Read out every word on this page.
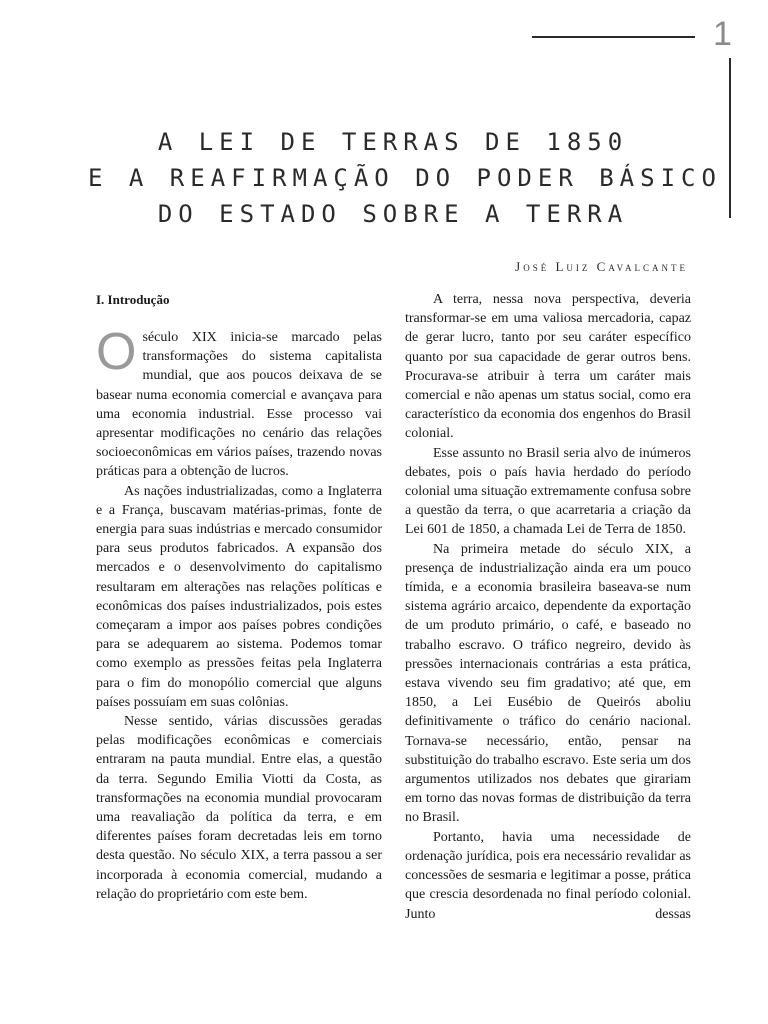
1
A LEI DE TERRAS DE 1850
E A REAFIRMAÇÃO DO PODER BÁSICO
DO ESTADO SOBRE A TERRA
José Luiz Cavalcante
I. Introdução

O século XIX inicia-se marcado pelas transformações do sistema capitalista mundial, que aos poucos deixava de se basear numa economia comercial e avançava para uma economia industrial. Esse processo vai apresentar modificações no cenário das relações socioeconômicas em vários países, trazendo novas práticas para a obtenção de lucros.

As nações industrializadas, como a Inglaterra e a França, buscavam matérias-primas, fonte de energia para suas indústrias e mercado consumidor para seus produtos fabricados. A expansão dos mercados e o desenvolvimento do capitalismo resultaram em alterações nas relações políticas e econômicas dos países industrializados, pois estes começaram a impor aos países pobres condições para se adequarem ao sistema. Podemos tomar como exemplo as pressões feitas pela Inglaterra para o fim do monopólio comercial que alguns países possuíam em suas colônias.

Nesse sentido, várias discussões geradas pelas modificações econômicas e comerciais entraram na pauta mundial. Entre elas, a questão da terra. Segundo Emilia Viotti da Costa, as transformações na economia mundial provocaram uma reavaliação da política da terra, e em diferentes países foram decretadas leis em torno desta questão. No século XIX, a terra passou a ser incorporada à economia comercial, mudando a relação do proprietário com este bem.

A terra, nessa nova perspectiva, deveria transformar-se em uma valiosa mercadoria, capaz de gerar lucro, tanto por seu caráter específico quanto por sua capacidade de gerar outros bens. Procurava-se atribuir à terra um caráter mais comercial e não apenas um status social, como era característico da economia dos engenhos do Brasil colonial.

Esse assunto no Brasil seria alvo de inúmeros debates, pois o país havia herdado do período colonial uma situação extremamente confusa sobre a questão da terra, o que acarretaria a criação da Lei 601 de 1850, a chamada Lei de Terra de 1850.

Na primeira metade do século XIX, a presença de industrialização ainda era um pouco tímida, e a economia brasileira baseava-se num sistema agrário arcaico, dependente da exportação de um produto primário, o café, e baseado no trabalho escravo. O tráfico negreiro, devido às pressões internacionais contrárias a esta prática, estava vivendo seu fim gradativo; até que, em 1850, a Lei Eusébio de Queirós aboliu definitivamente o tráfico do cenário nacional. Tornava-se necessário, então, pensar na substituição do trabalho escravo. Este seria um dos argumentos utilizados nos debates que girariam em torno das novas formas de distribuição da terra no Brasil.

Portanto, havia uma necessidade de ordenação jurídica, pois era necessário revalidar as concessões de sesmaria e legitimar a posse, prática que crescia desordenada no final período colonial. Junto dessas
